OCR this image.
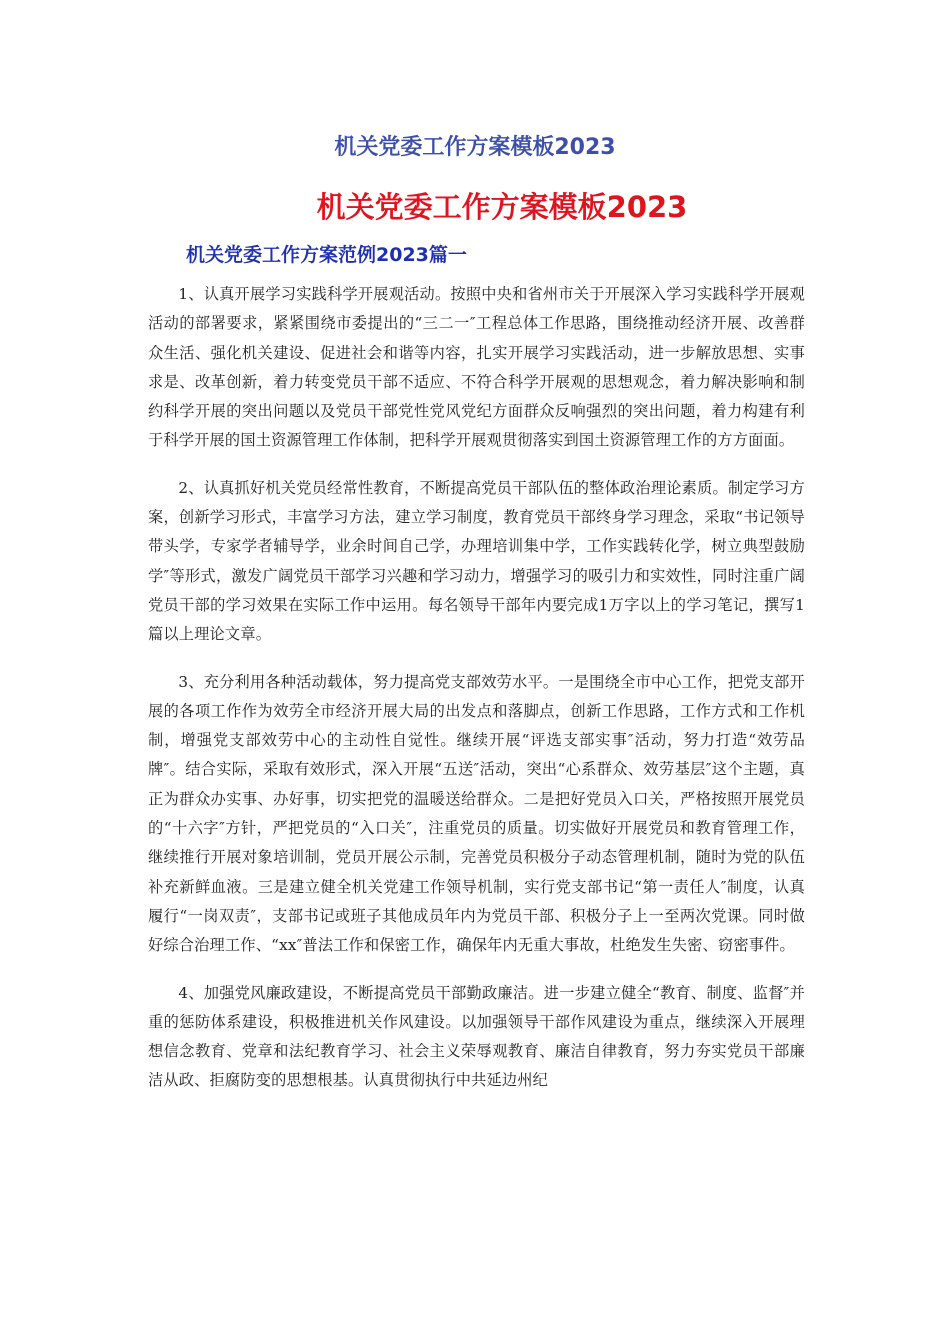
机关党委工作方案模板2023
机关党委工作方案模板2023
机关党委工作方案范例2023篇一

1、认真开展学习实践科学开展观活动。按照中央和省州市关于开展深入学习实践科学开展观活动的部署要求，紧紧围绕市委提出的“三二一″工程总体工作思路，围绕推动经济开展、改善群众生活、强化机关建设、促进社会和谐等内容，扎实开展学习实践活动，进一步解放思想、实事求是、改革创新，着力转变党员干部不适应、不符合科学开展观的思想观念，着力解决影响和制约科学开展的突出问题以及党员干部党性党风党纪方面群众反响强烈的突出问题，着力构建有利于科学开展的国土资源管理工作体制，把科学开展观贯彻落实到国土资源管理工作的方方面面。

2、认真抓好机关党员经常性教育，不断提高党员干部队伍的整体政治理论素质。制定学习方案，创新学习形式，丰富学习方法，建立学习制度，教育党员干部终身学习理念，采取“书记领导带头学，专家学者辅导学，业余时间自己学，办理培训集中学，工作实践转化学，树立典型鼓励学″等形式，激发广阔党员干部学习兴趣和学习动力，增强学习的吸引力和实效性，同时注重广阔党员干部的学习效果在实际工作中运用。每名领导干部年内要完成1万字以上的学习笔记，撰写1篇以上理论文章。

3、充分利用各种活动载体，努力提高党支部效劳水平。一是围绕全市中心工作，把党支部开展的各项工作作为效劳全市经济开展大局的出发点和落脚点，创新工作思路，工作方式和工作机制，增强党支部效劳中心的主动性自觉性。继续开展“评选支部实事″活动，努力打造“效劳品牌″。结合实际，采取有效形式，深入开展“五送″活动，突出“心系群众、效劳基层″这个主题，真正为群众办实事、办好事，切实把党的温暖送给群众。二是把好党员入口关，严格按照开展党员的“十六字″方针，严把党员的“入口关″，注重党员的质量。切实做好开展党员和教育管理工作，继续推行开展对象培训制，党员开展公示制，完善党员积极分子动态管理机制，随时为党的队伍补充新鲜血液。三是建立健全机关党建工作领导机制，实行党支部书记“第一责任人″制度，认真履行“一岗双责″，支部书记或班子其他成员年内为党员干部、积极分子上一至两次党课。同时做好综合治理工作、“xx″普法工作和保密工作，确保年内无重大事故，杜绝发生失密、窃密事件。

4、加强党风廉政建设，不断提高党员干部勤政廉洁。进一步建立健全“教育、制度、监督″并重的惩防体系建设，积极推进机关作风建设。以加强领导干部作风建设为重点，继续深入开展理想信念教育、党章和法纪教育学习、社会主义荣辱观教育、廉洁自律教育，努力夯实党员干部廉洁从政、拒腐防变的思想根基。认真贯彻执行中共延边州纪
